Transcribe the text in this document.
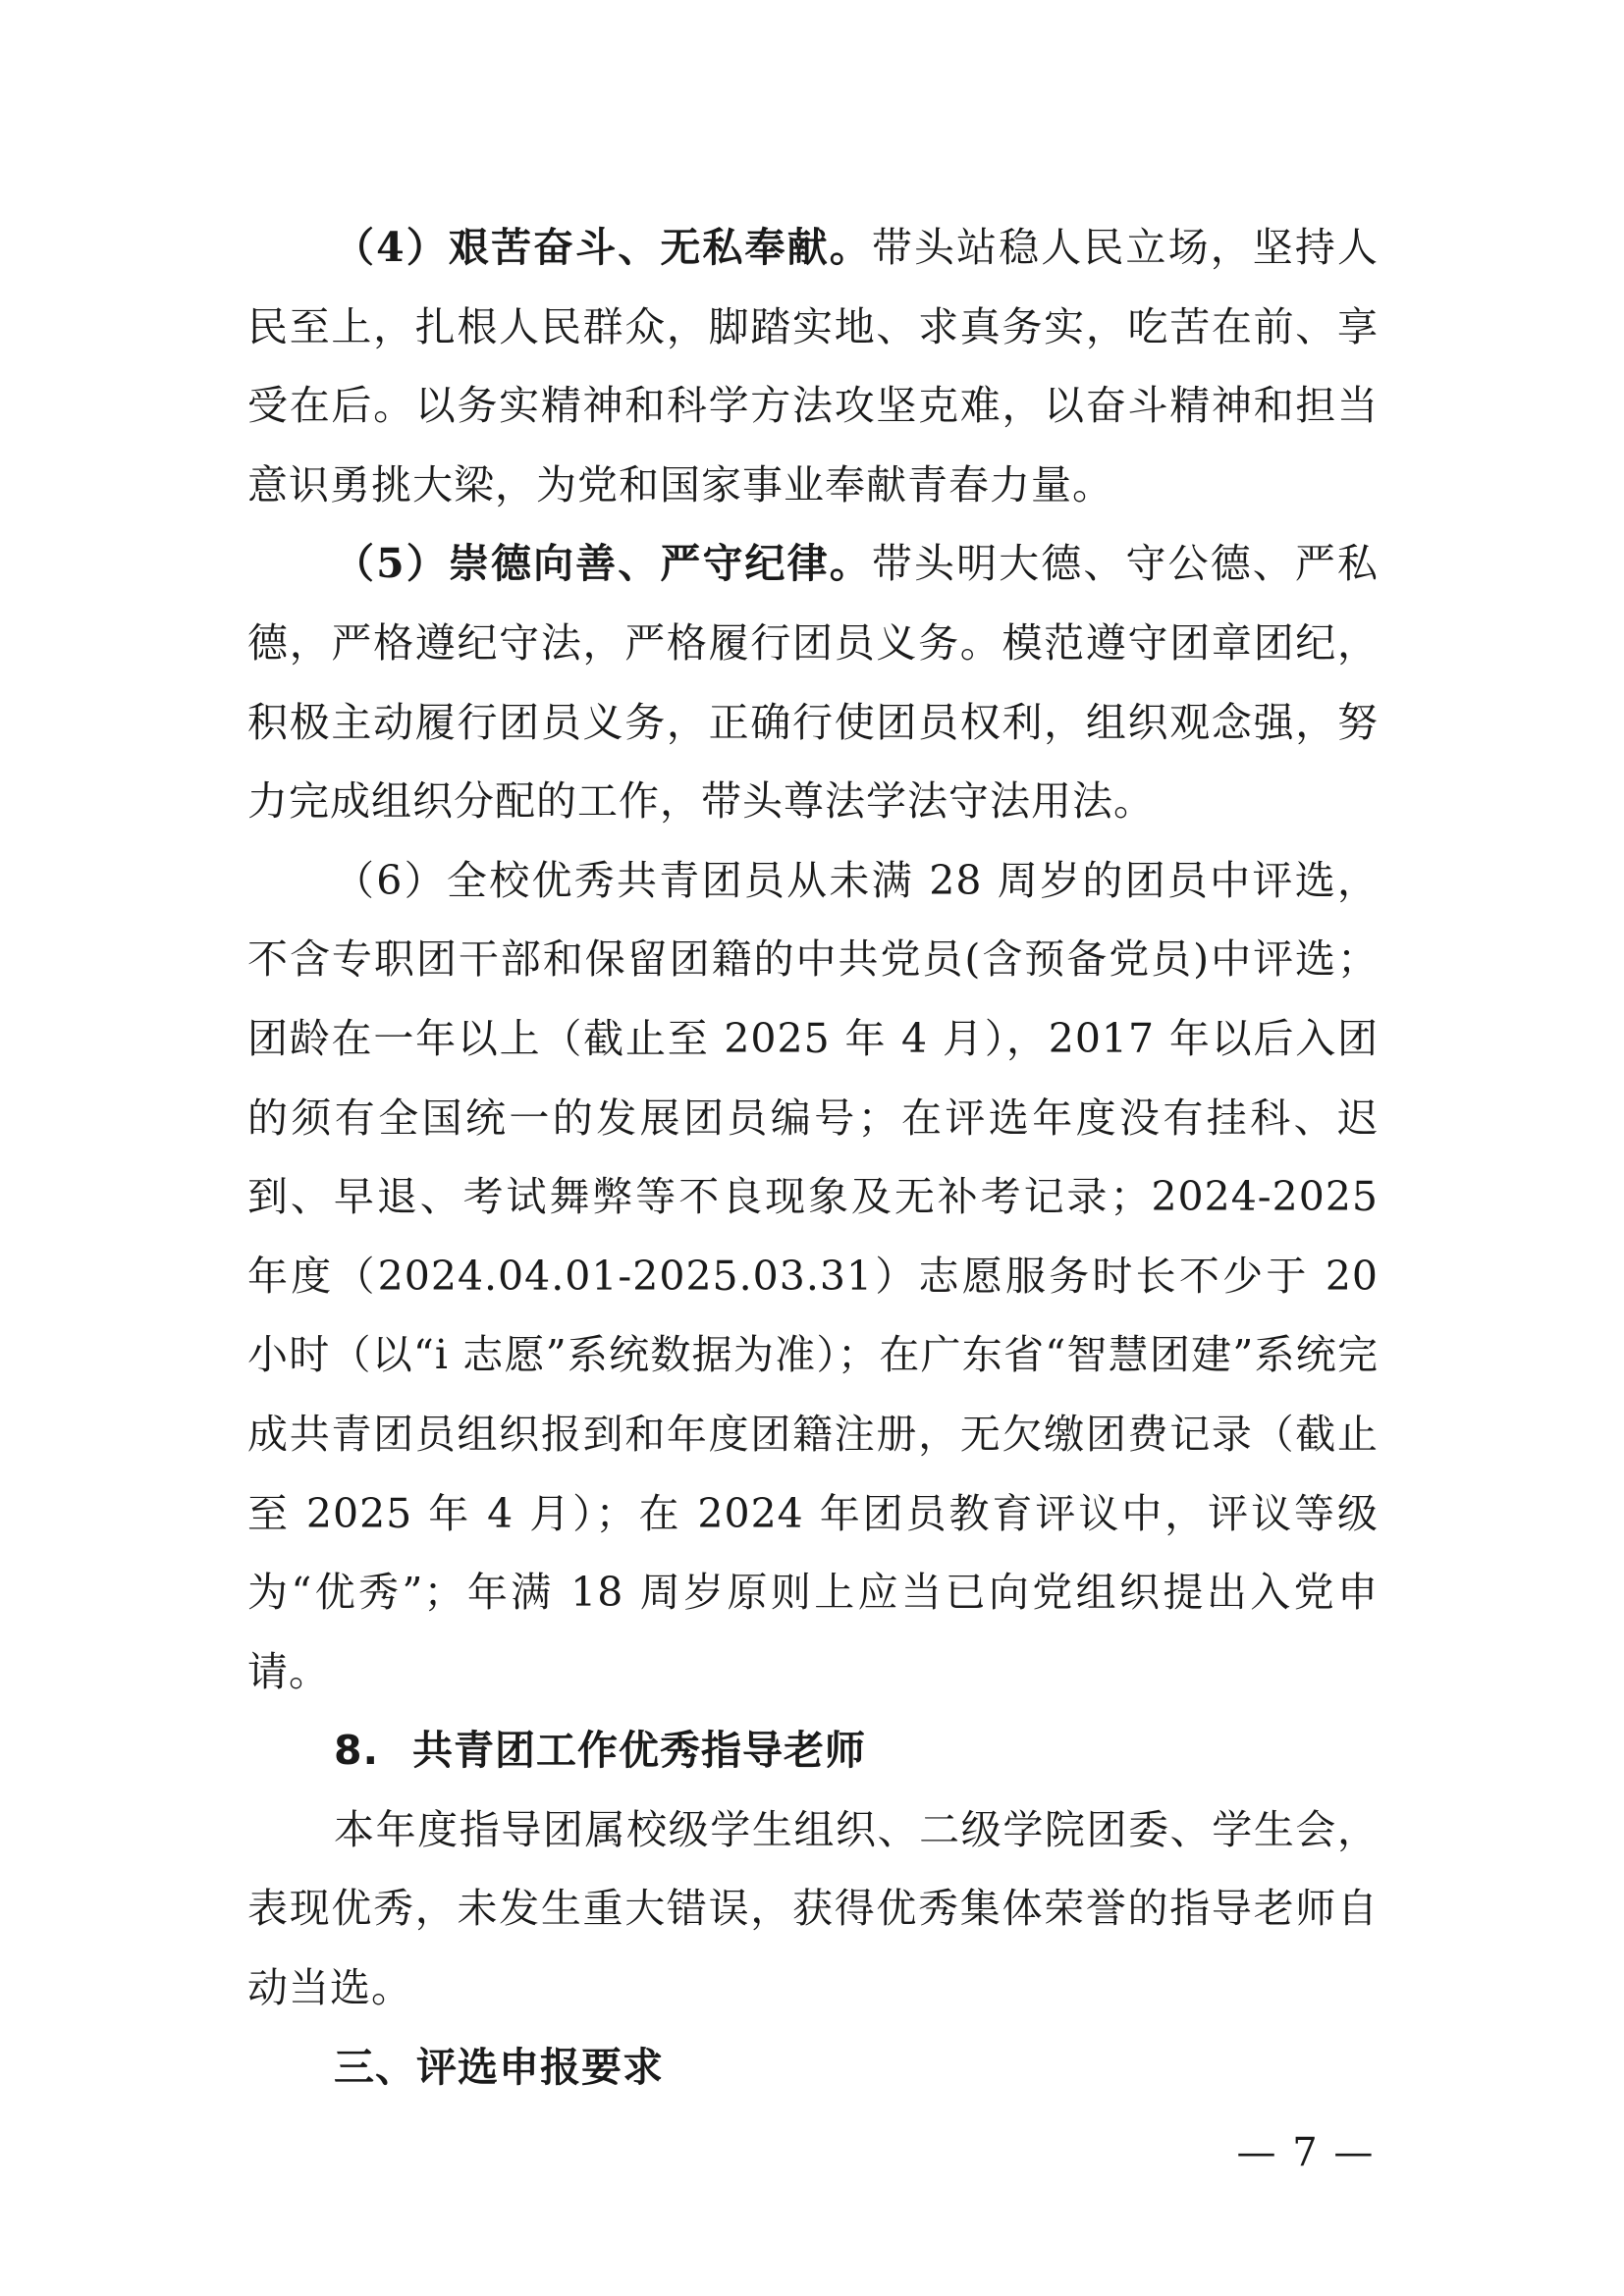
（4）艰苦奋斗、无私奉献。带头站稳人民立场，坚持人民至上，扎根人民群众，脚踏实地、求真务实，吃苦在前、享受在后。以务实精神和科学方法攻坚克难，以奋斗精神和担当意识勇挑大梁，为党和国家事业奉献青春力量。

（5）崇德向善、严守纪律。带头明大德、守公德、严私德，严格遵纪守法，严格履行团员义务。模范遵守团章团纪，积极主动履行团员义务，正确行使团员权利，组织观念强，努力完成组织分配的工作，带头尊法学法守法用法。

（6）全校优秀共青团员从未满 28 周岁的团员中评选，不含专职团干部和保留团籍的中共党员(含预备党员)中评选；团龄在一年以上（截止至 2025 年 4 月），2017 年以后入团的须有全国统一的发展团员编号；在评选年度没有挂科、迟到、早退、考试舞弊等不良现象及无补考记录；2024-2025年度（2024.04.01-2025.03.31）志愿服务时长不少于 20 小时（以“i 志愿”系统数据为准）；在广东省“智慧团建”系统完成共青团员组织报到和年度团籍注册，无欠缴团费记录（截止至 2025 年 4 月）；在 2024 年团员教育评议中，评议等级为“优秀”；年满 18 周岁原则上应当已向党组织提出入党申请。

8. 共青团工作优秀指导老师

本年度指导团属校级学生组织、二级学院团委、学生会，表现优秀，未发生重大错误，获得优秀集体荣誉的指导老师自动当选。

三、评选申报要求

— 7 —
